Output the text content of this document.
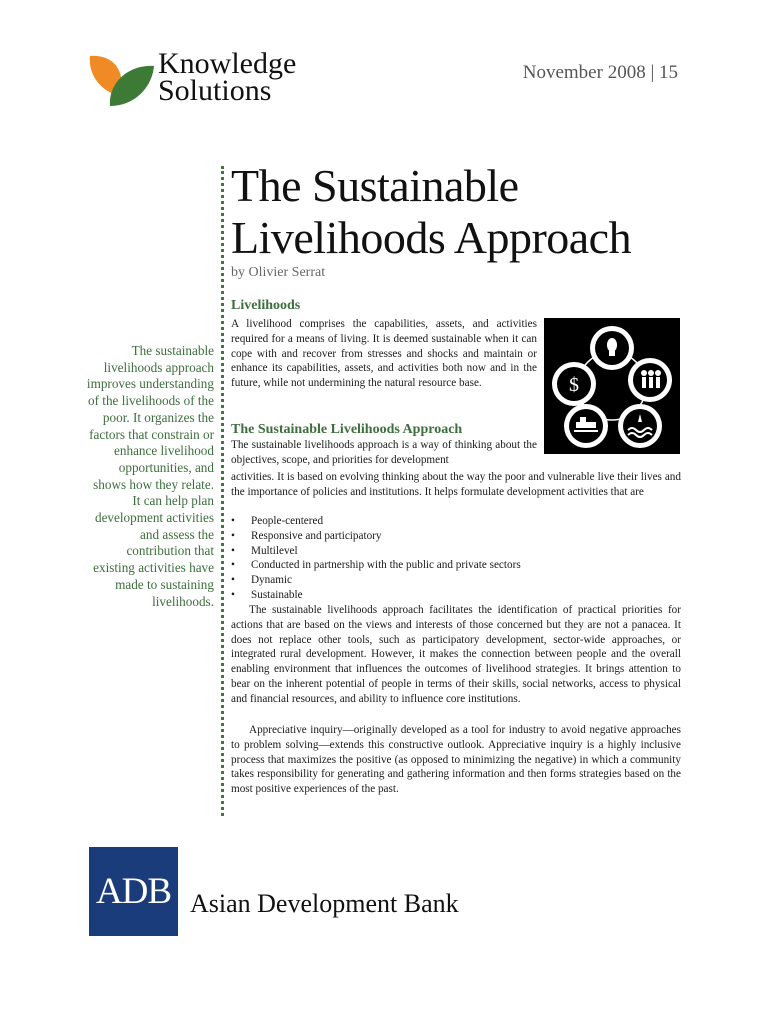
Knowledge
Solutions
November 2008 | 15
The Sustainable Livelihoods Approach
by Olivier Serrat
The sustainable livelihoods approach improves understanding of the livelihoods of the poor. It organizes the factors that constrain or enhance livelihood opportunities, and shows how they relate. It can help plan development activities and assess the contribution that existing activities have made to sustaining livelihoods.
Livelihoods

A livelihood comprises the capabilities, assets, and activities required for a means of living. It is deemed sustainable when it can cope with and recover from stresses and shocks and maintain or enhance its capabilities, assets, and activities both now and in the future, while not undermining the natural resource base.	$
The Sustainable Livelihoods Approach

The sustainable livelihoods approach is a way of thinking about the objectives, scope, and priorities for development

activities. It is based on evolving thinking about the way the poor and vulnerable live their lives and the importance of policies and institutions. It helps formulate development activities that are

• People-centered
• Responsive and participatory
• Multilevel
• Conducted in partnership with the public and private sectors
• Dynamic
• Sustainable

The sustainable livelihoods approach facilitates the identification of practical priorities for actions that are based on the views and interests of those concerned but they are not a panacea. It does not replace other tools, such as participatory development, sector-wide approaches, or integrated rural development. However, it makes the connection between people and the overall enabling environment that influences the outcomes of livelihood strategies. It brings attention to bear on the inherent potential of people in terms of their skills, social networks, access to physical and financial resources, and ability to influence core institutions.

Appreciative inquiry—originally developed as a tool for industry to avoid negative approaches to problem solving—extends this constructive outlook. Appreciative inquiry is a highly inclusive process that maximizes the positive (as opposed to minimizing the negative) in which a community takes responsibility for generating and gathering information and then forms strategies based on the most positive experiences of the past.

ADB Asian Development Bank
